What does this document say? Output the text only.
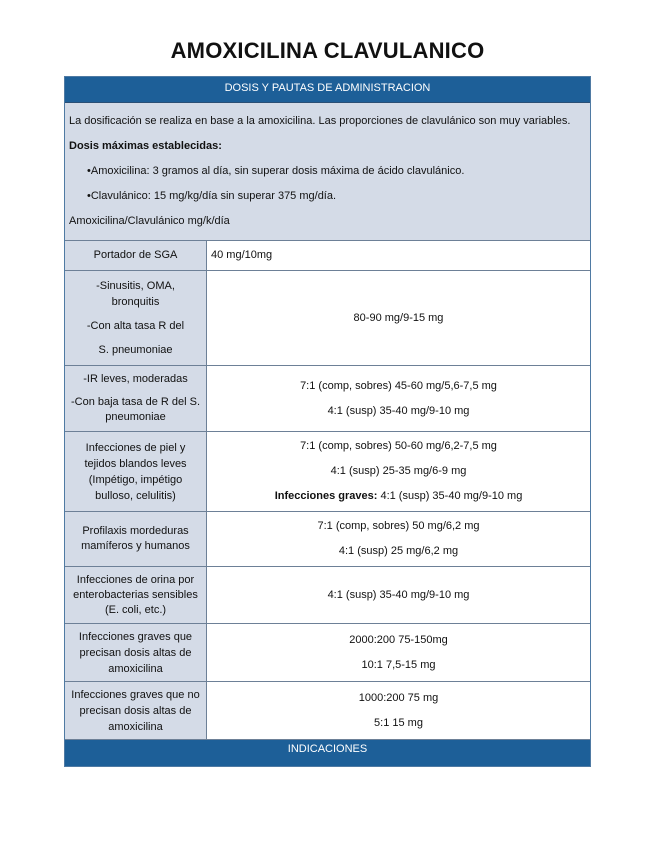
AMOXICILINA CLAVULANICO
DOSIS Y PAUTAS DE ADMINISTRACION

La dosificación se realiza en base a la amoxicilina. Las proporciones de clavulánico son muy variables.

Dosis máximas establecidas:

•Amoxicilina: 3 gramos al día, sin superar dosis máxima de ácido clavulánico.

•Clavulánico: 15 mg/kg/día sin superar 375 mg/día.

Amoxicilina/Clavulánico mg/k/día

Portador de SGA	40 mg/10mg

-Sinusitis, OMA, bronquitis
-Con alta tasa R del
S. pneumoniae	80-90 mg/9-15 mg

-IR leves, moderadas
-Con baja tasa de R del S. pneumoniae	7:1 (comp, sobres) 45-60 mg/5,6-7,5 mg
4:1 (susp) 35-40 mg/9-10 mg

Infecciones de piel y tejidos blandos leves (Impétigo, impétigo bulloso, celulitis)	7:1 (comp, sobres) 50-60 mg/6,2-7,5 mg
4:1 (susp) 25-35 mg/6-9 mg
Infecciones graves: 4:1 (susp) 35-40 mg/9-10 mg

Profilaxis mordeduras mamíferos y humanos	7:1 (comp, sobres) 50 mg/6,2 mg
4:1 (susp) 25 mg/6,2 mg

Infecciones de orina por enterobacterias sensibles (E. coli, etc.)	4:1 (susp) 35-40 mg/9-10 mg

Infecciones graves que precisan dosis altas de amoxicilina	2000:200 75-150mg
10:1 7,5-15 mg

Infecciones graves que no precisan dosis altas de amoxicilina	1000:200 75 mg
5:1 15 mg
INDICACIONES
